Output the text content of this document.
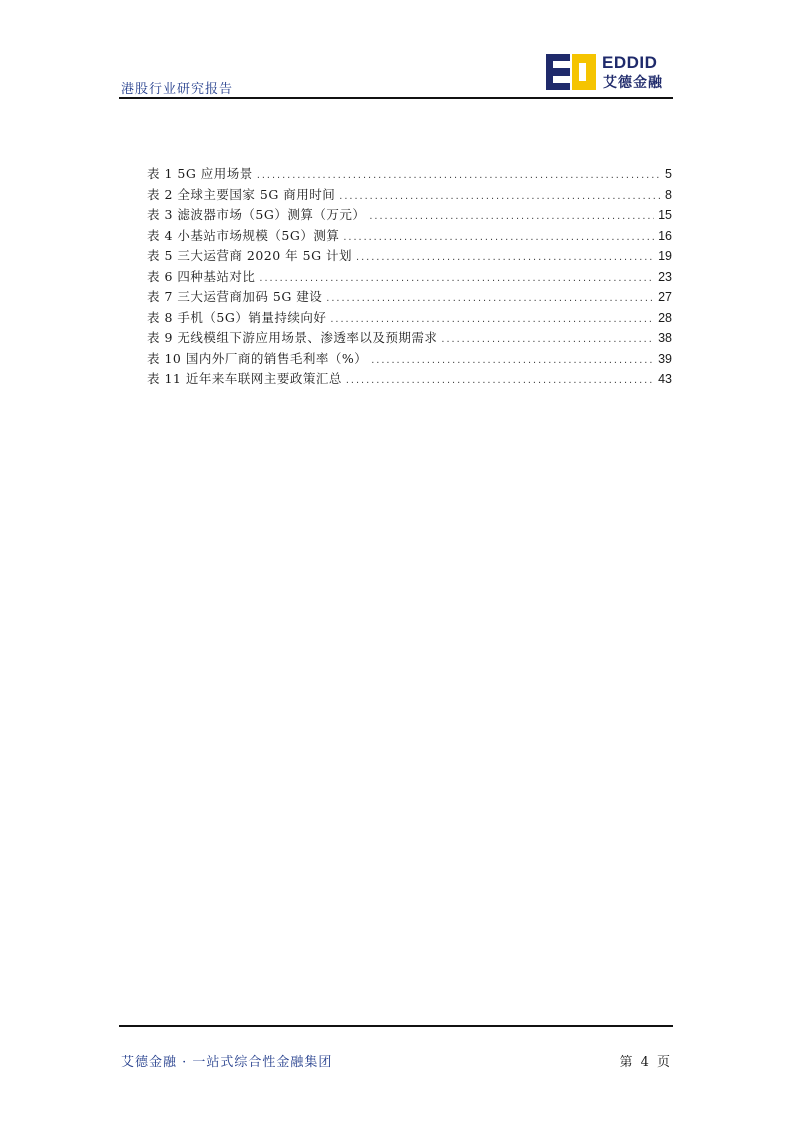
港股行业研究报告
EDDID
艾德金融
表 1 5G 应用场景 .....	5
表 2 全球主要国家 5G 商用时间 .....	8
表 3 滤波器市场（5G）测算（万元） .....	15
表 4 小基站市场规模（5G）测算 .....	16
表 5 三大运营商 2020 年 5G 计划 .....	19
表 6 四种基站对比 .....	23
表 7 三大运营商加码 5G 建设 .....	27
表 8 手机（5G）销量持续向好 .....	28
表 9 无线模组下游应用场景、渗透率以及预期需求 .....	38
表 10 国内外厂商的销售毛利率（%） .....	39
表 11 近年来车联网主要政策汇总 .....	43
艾德金融 · 一站式综合性金融集团	第 4 页
